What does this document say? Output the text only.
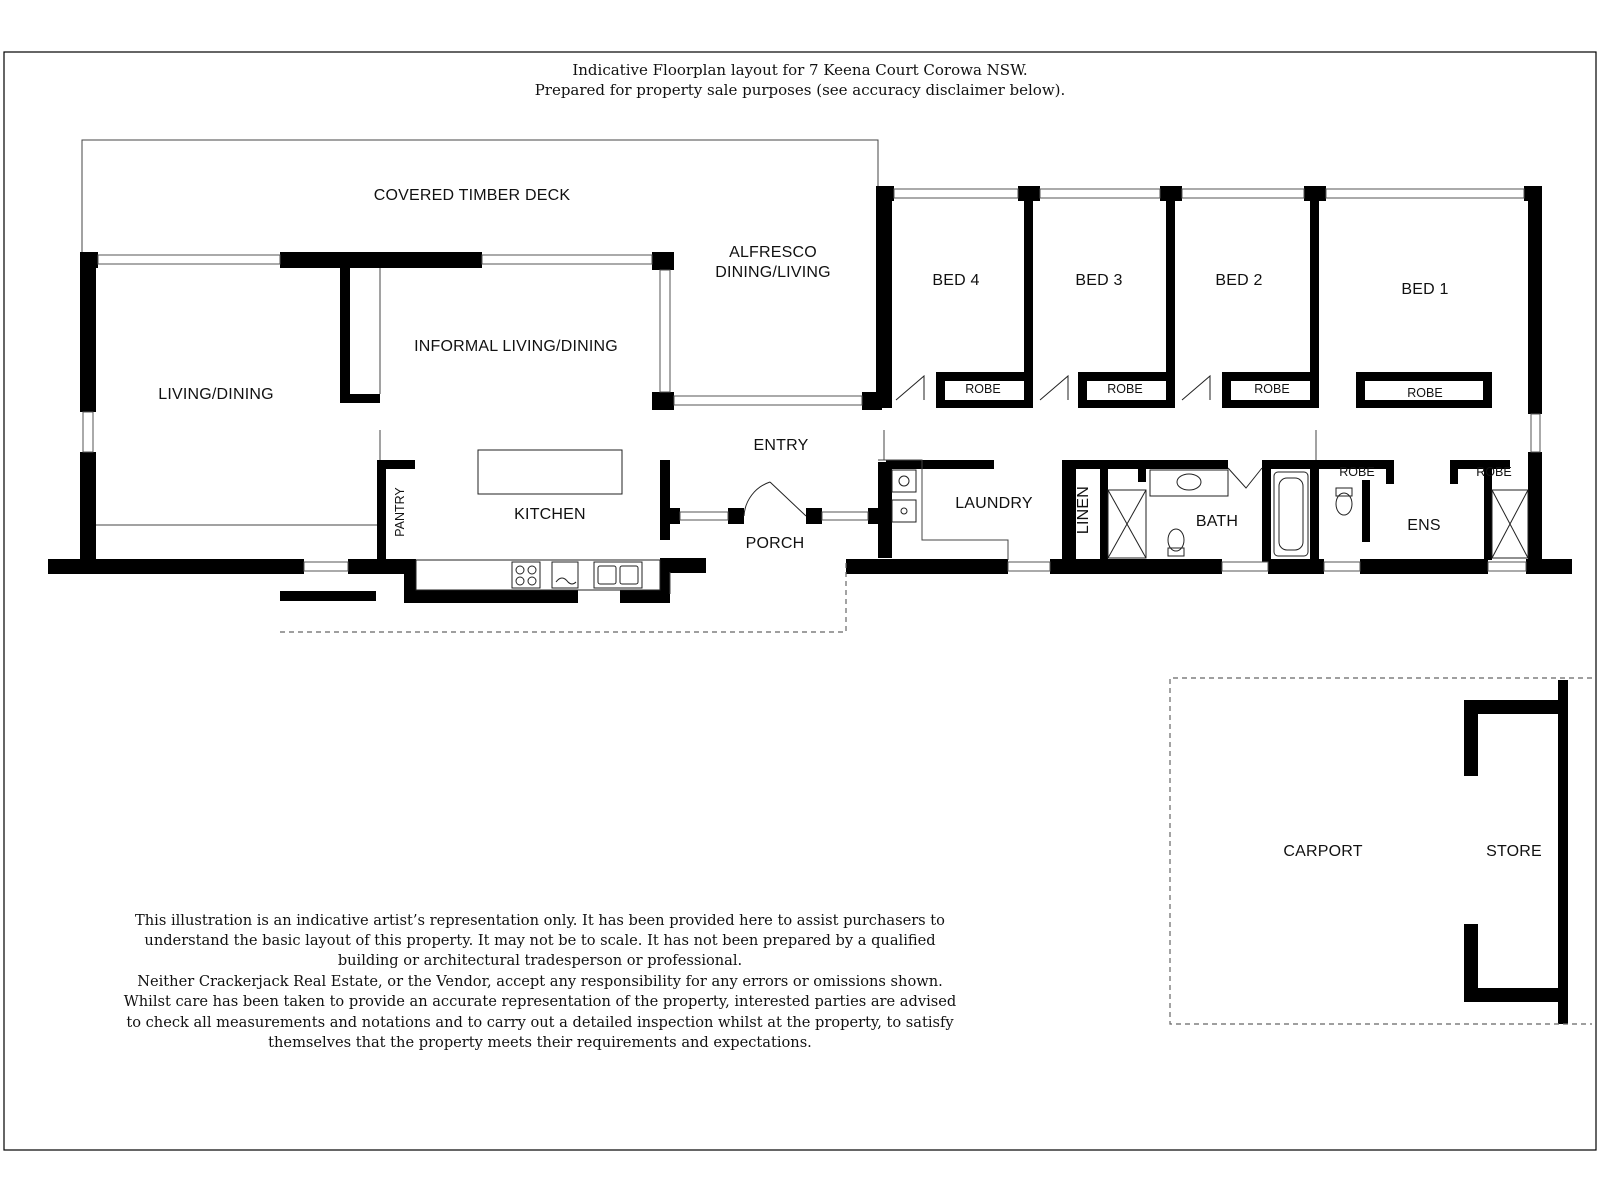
Indicative Floorplan layout for 7 Keena Court Corowa NSW.
Prepared for property sale purposes (see accuracy disclaimer below).
COVERED TIMBER DECK
ALFRESCO
DINING/LIVING
LIVING/DINING
INFORMAL LIVING/DINING
KITCHEN
PANTRY
ENTRY
PORCH
LAUNDRY	LINEN	BATH	ENS
BED 4	BED 3	BED 2
BED 1
ROBE	ROBE	ROBE	ROBE
ROBE	ROBE
CARPORT	STORE
This illustration is an indicative artist’s representation only. It has been provided here to assist purchasers to
understand the basic layout of this property. It may not be to scale. It has not been prepared by a qualified
building or architectural tradesperson or professional.
Neither Crackerjack Real Estate, or the Vendor, accept any responsibility for any errors or omissions shown.
Whilst care has been taken to provide an accurate representation of the property, interested parties are advised
to check all measurements and notations and to carry out a detailed inspection whilst at the property, to satisfy
themselves that the property meets their requirements and expectations.
